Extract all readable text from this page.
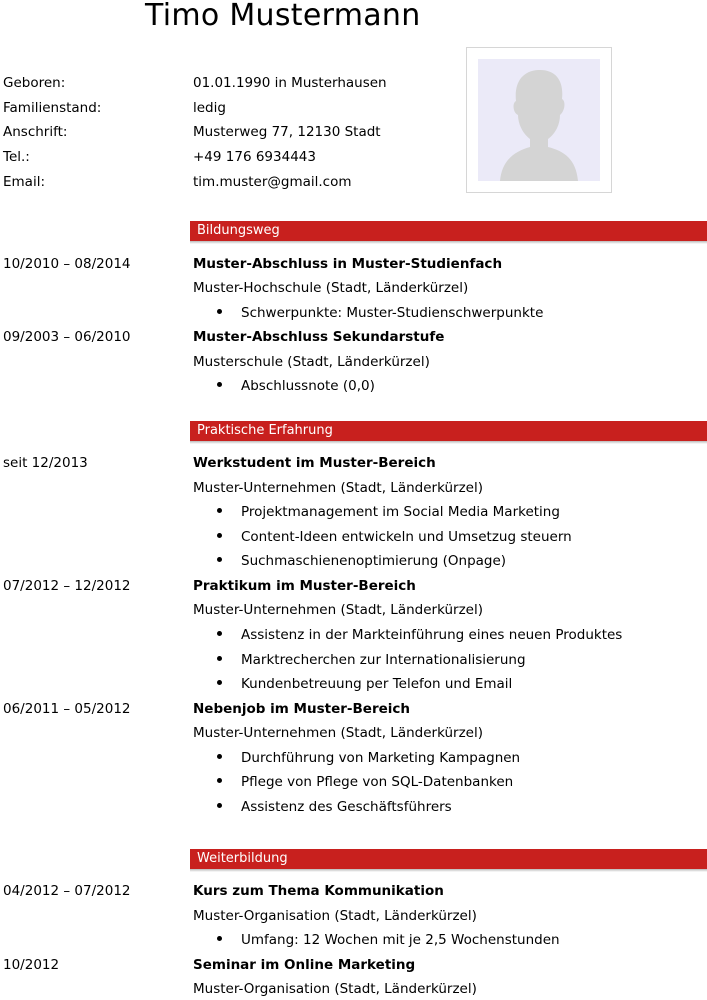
Timo Mustermann
Geboren:	01.01.1990 in Musterhausen
Familienstand:	ledig
Anschrift:	Musterweg 77, 12130 Stadt
Tel.:	+49 176 6934443
Email:	tim.muster@gmail.com
Bildungsweg
10/2010 – 08/2014	Muster-Abschluss in Muster-Studienfach
Muster-Hochschule (Stadt, Länderkürzel)
Schwerpunkte: Muster-Studienschwerpunkte
09/2003 – 06/2010	Muster-Abschluss Sekundarstufe
Musterschule (Stadt, Länderkürzel)
Abschlussnote (0,0)
Praktische Erfahrung
seit 12/2013	Werkstudent im Muster-Bereich
Muster-Unternehmen (Stadt, Länderkürzel)
Projektmanagement im Social Media Marketing
Content-Ideen entwickeln und Umsetzug steuern
Suchmaschienenoptimierung (Onpage)
07/2012 – 12/2012	Praktikum im Muster-Bereich
Muster-Unternehmen (Stadt, Länderkürzel)
Assistenz in der Markteinführung eines neuen Produktes
Marktrecherchen zur Internationalisierung
Kundenbetreuung per Telefon und Email
06/2011 – 05/2012	Nebenjob im Muster-Bereich
Muster-Unternehmen (Stadt, Länderkürzel)
Durchführung von Marketing Kampagnen
Pflege von Pflege von SQL-Datenbanken
Assistenz des Geschäftsführers
Weiterbildung
04/2012 – 07/2012	Kurs zum Thema Kommunikation
Muster-Organisation (Stadt, Länderkürzel)
Umfang: 12 Wochen mit je 2,5 Wochenstunden
10/2012	Seminar im Online Marketing
Muster-Organisation (Stadt, Länderkürzel)
